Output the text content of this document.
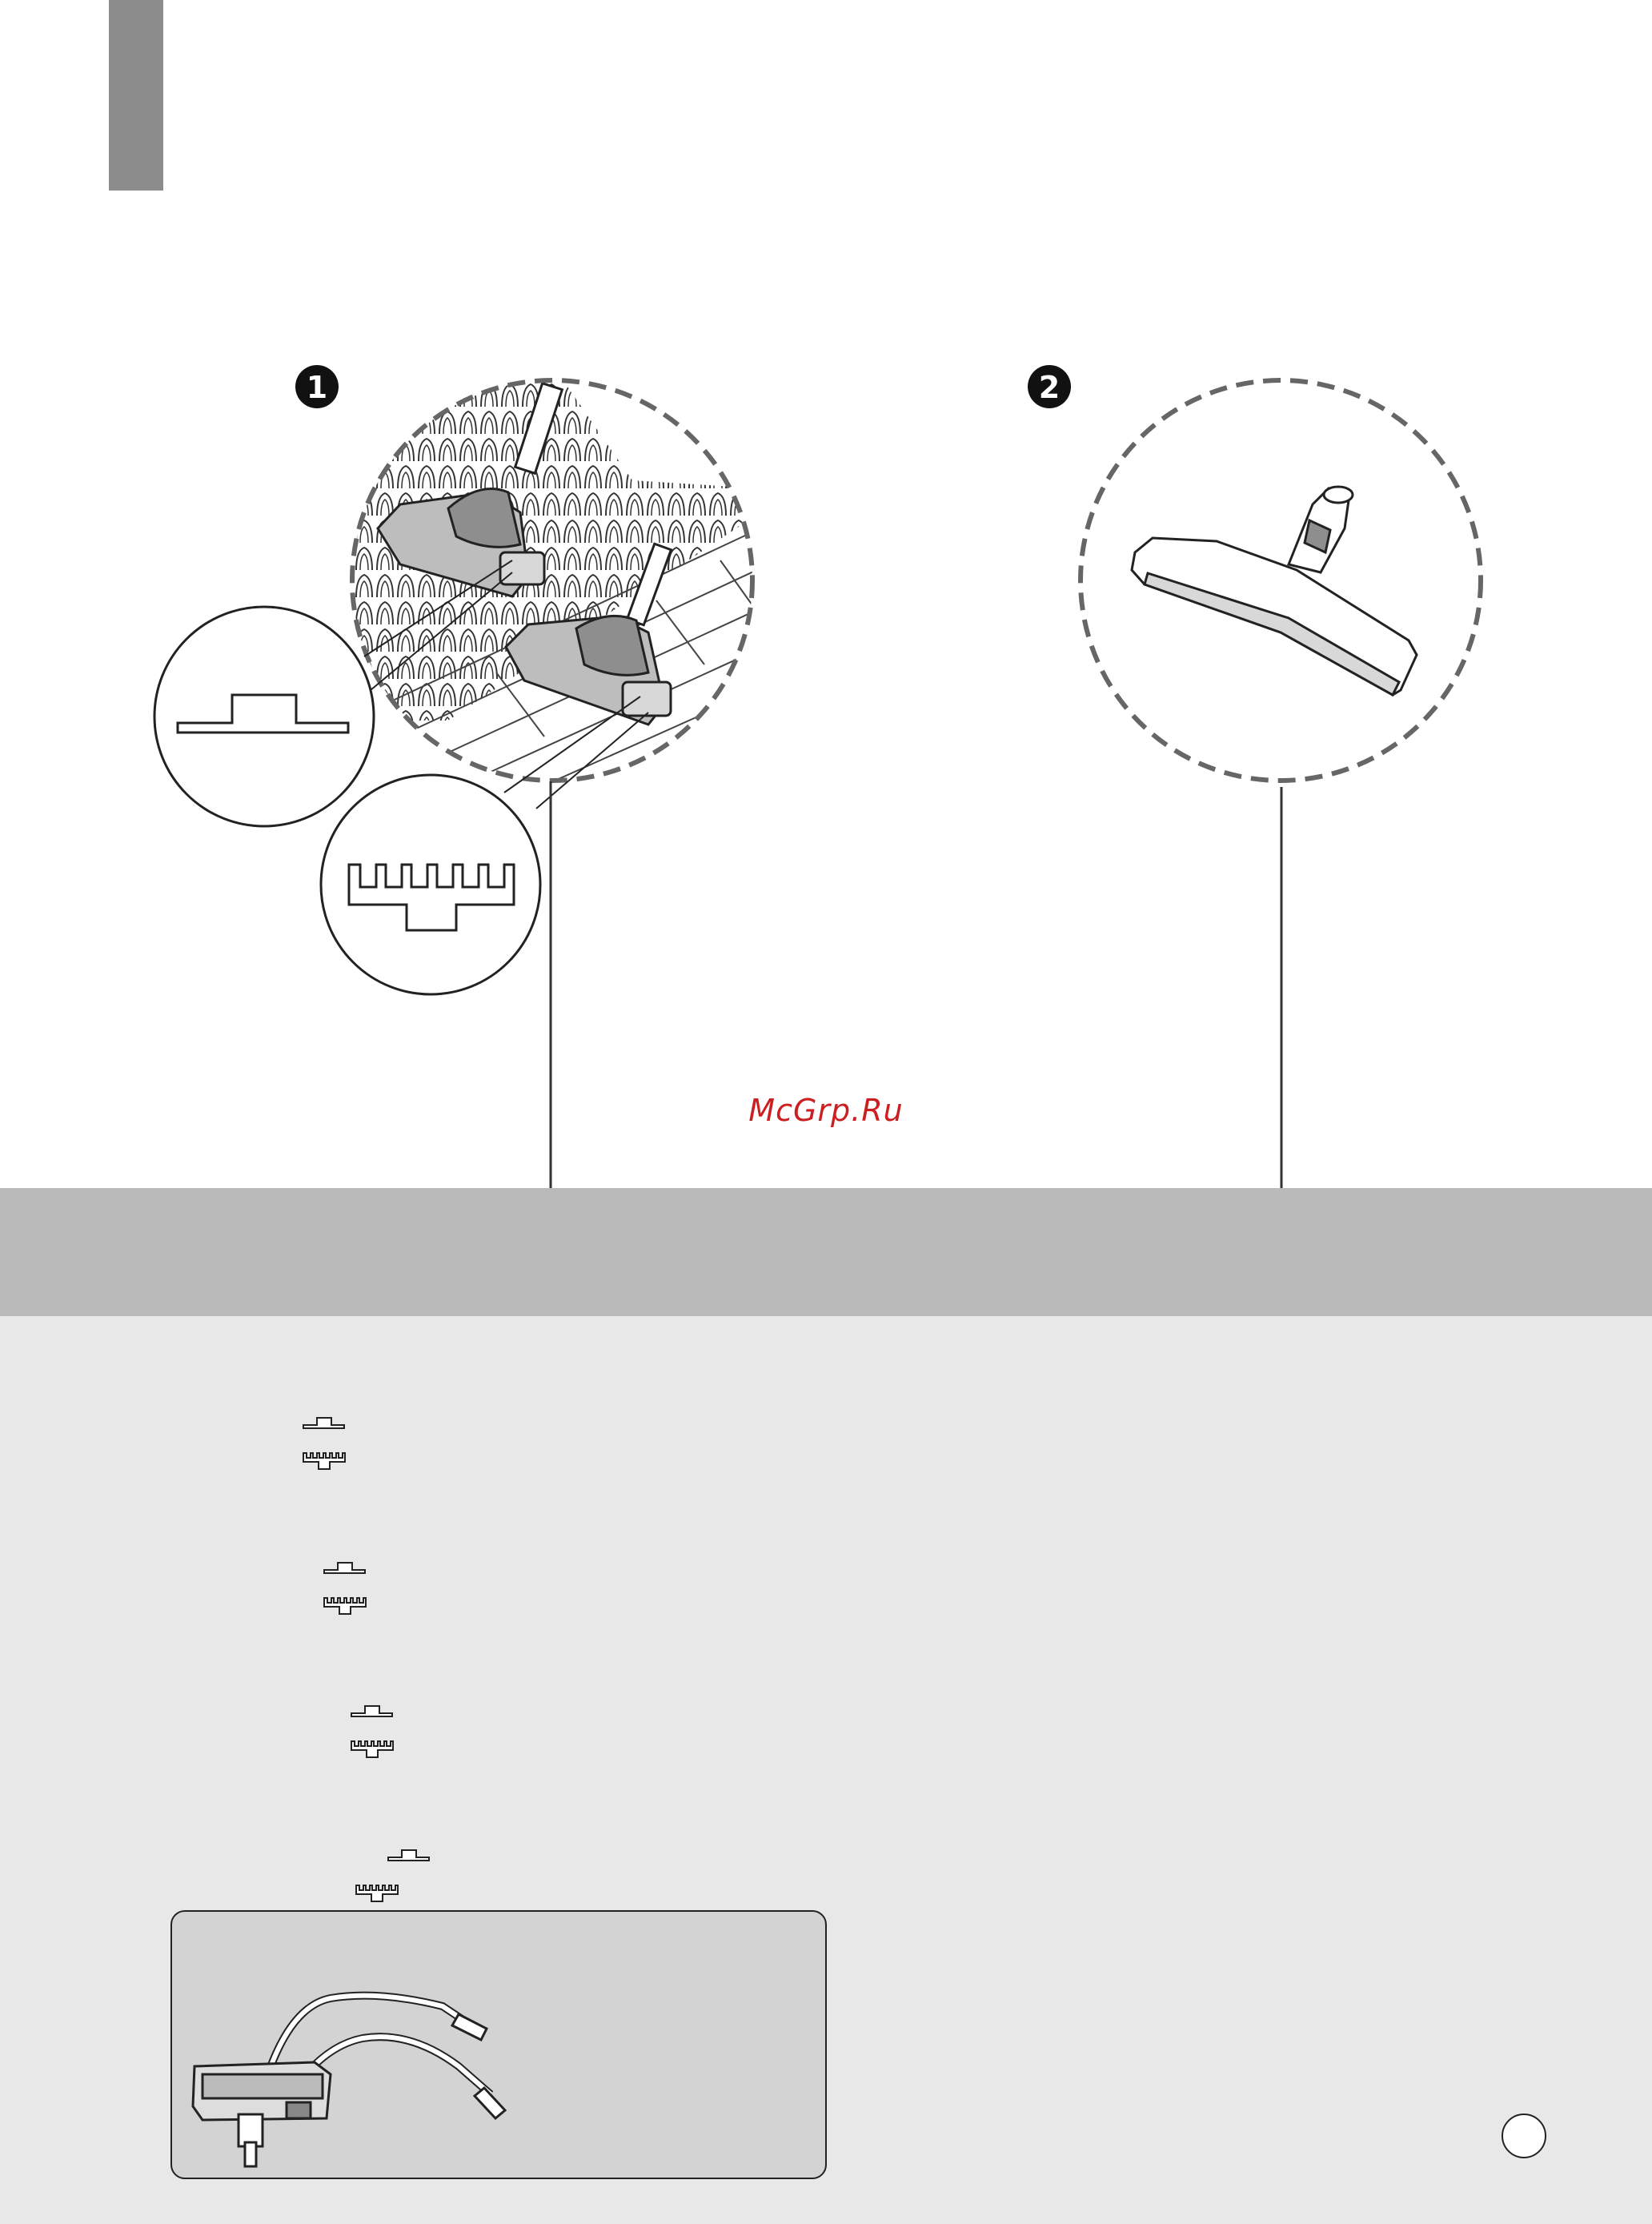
1	2
McGrp.Ru
